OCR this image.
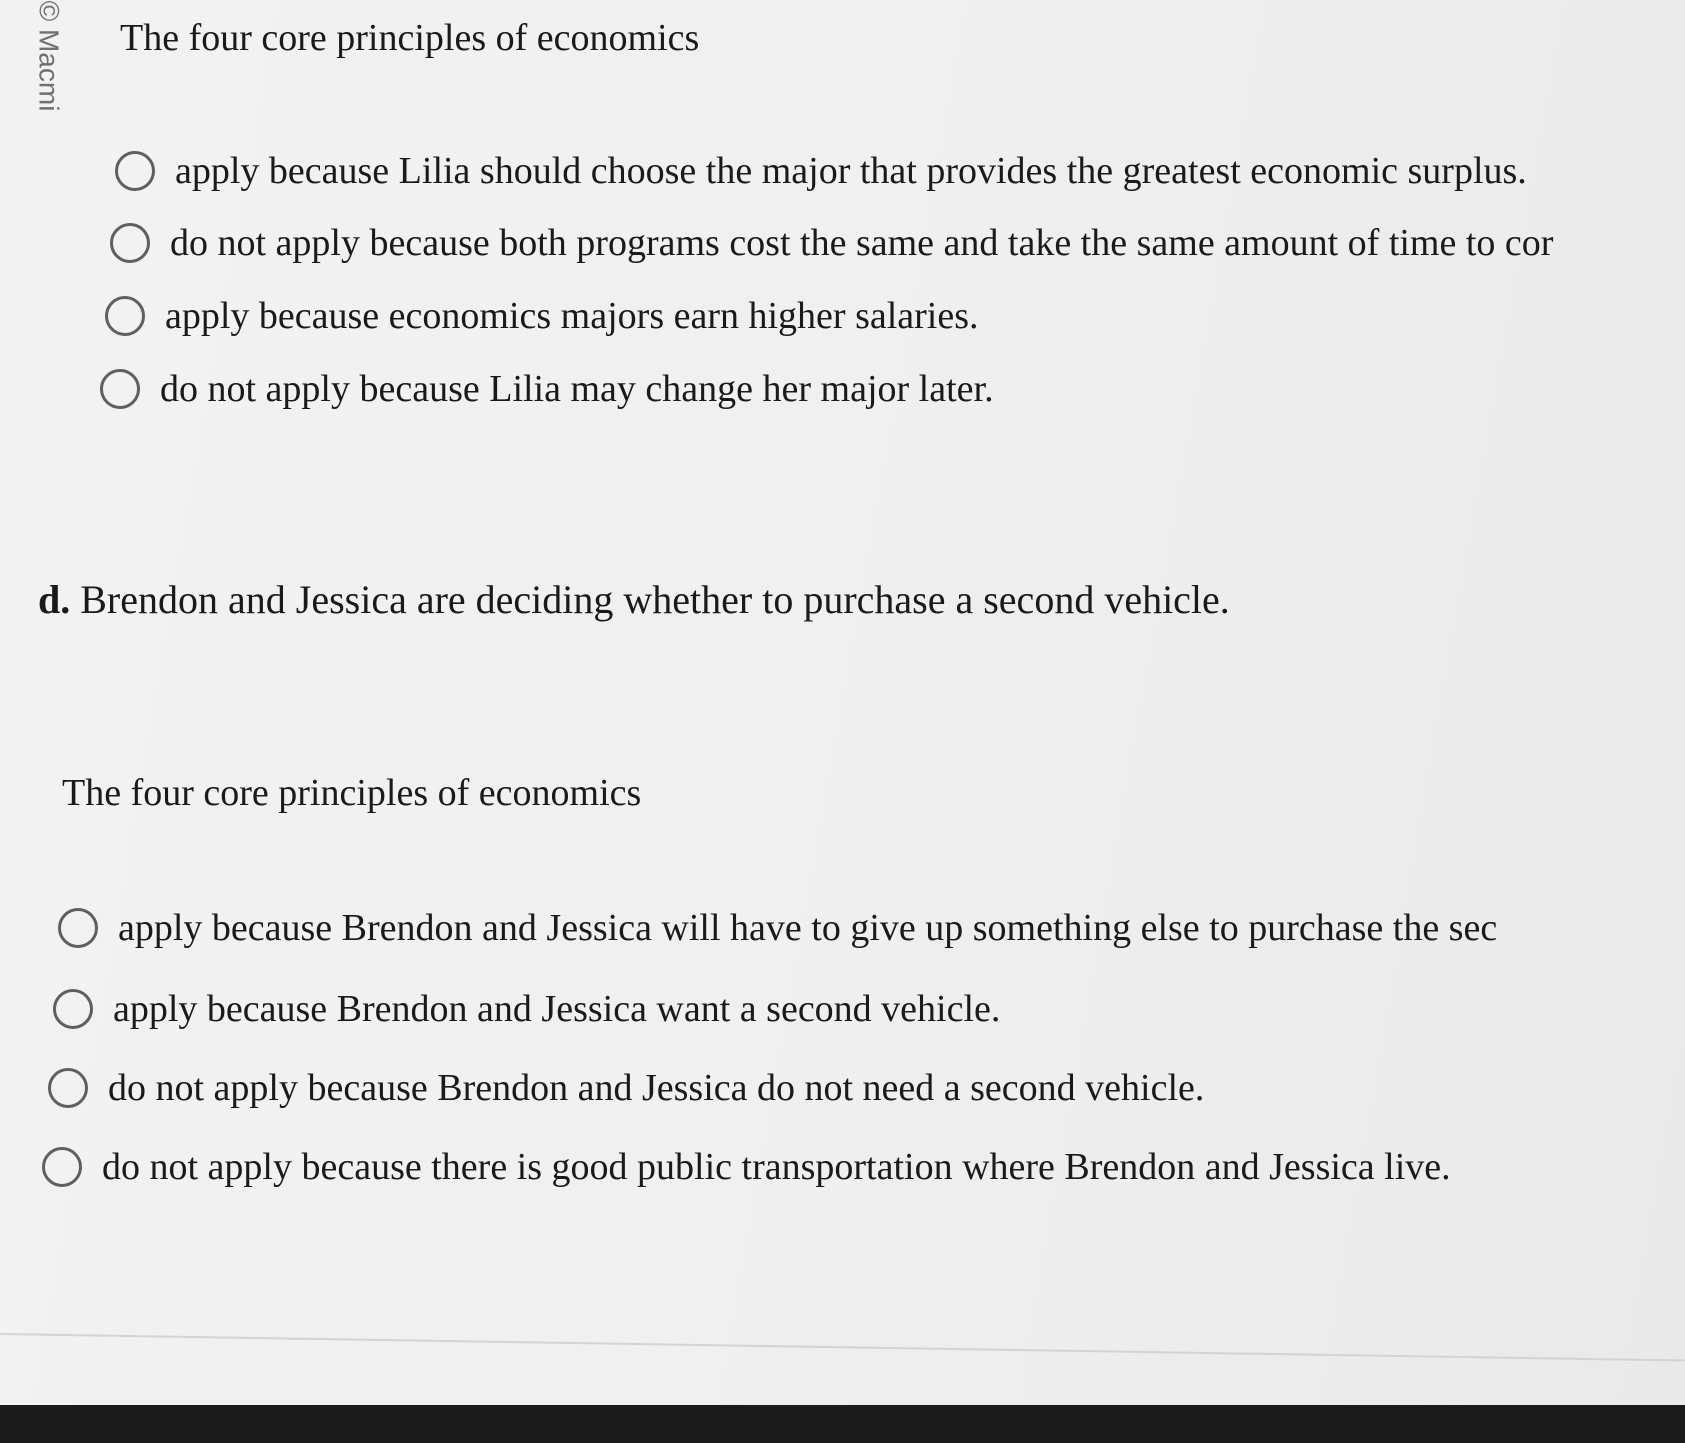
© Macmi The four core principles of economics
apply because Lilia should choose the major that provides the greatest economic surplus.
do not apply because both programs cost the same and take the same amount of time to cor
apply because economics majors earn higher salaries.
do not apply because Lilia may change her major later.
d. Brendon and Jessica are deciding whether to purchase a second vehicle.
The four core principles of economics
apply because Brendon and Jessica will have to give up something else to purchase the sec
apply because Brendon and Jessica want a second vehicle.
do not apply because Brendon and Jessica do not need a second vehicle.
do not apply because there is good public transportation where Brendon and Jessica live.
